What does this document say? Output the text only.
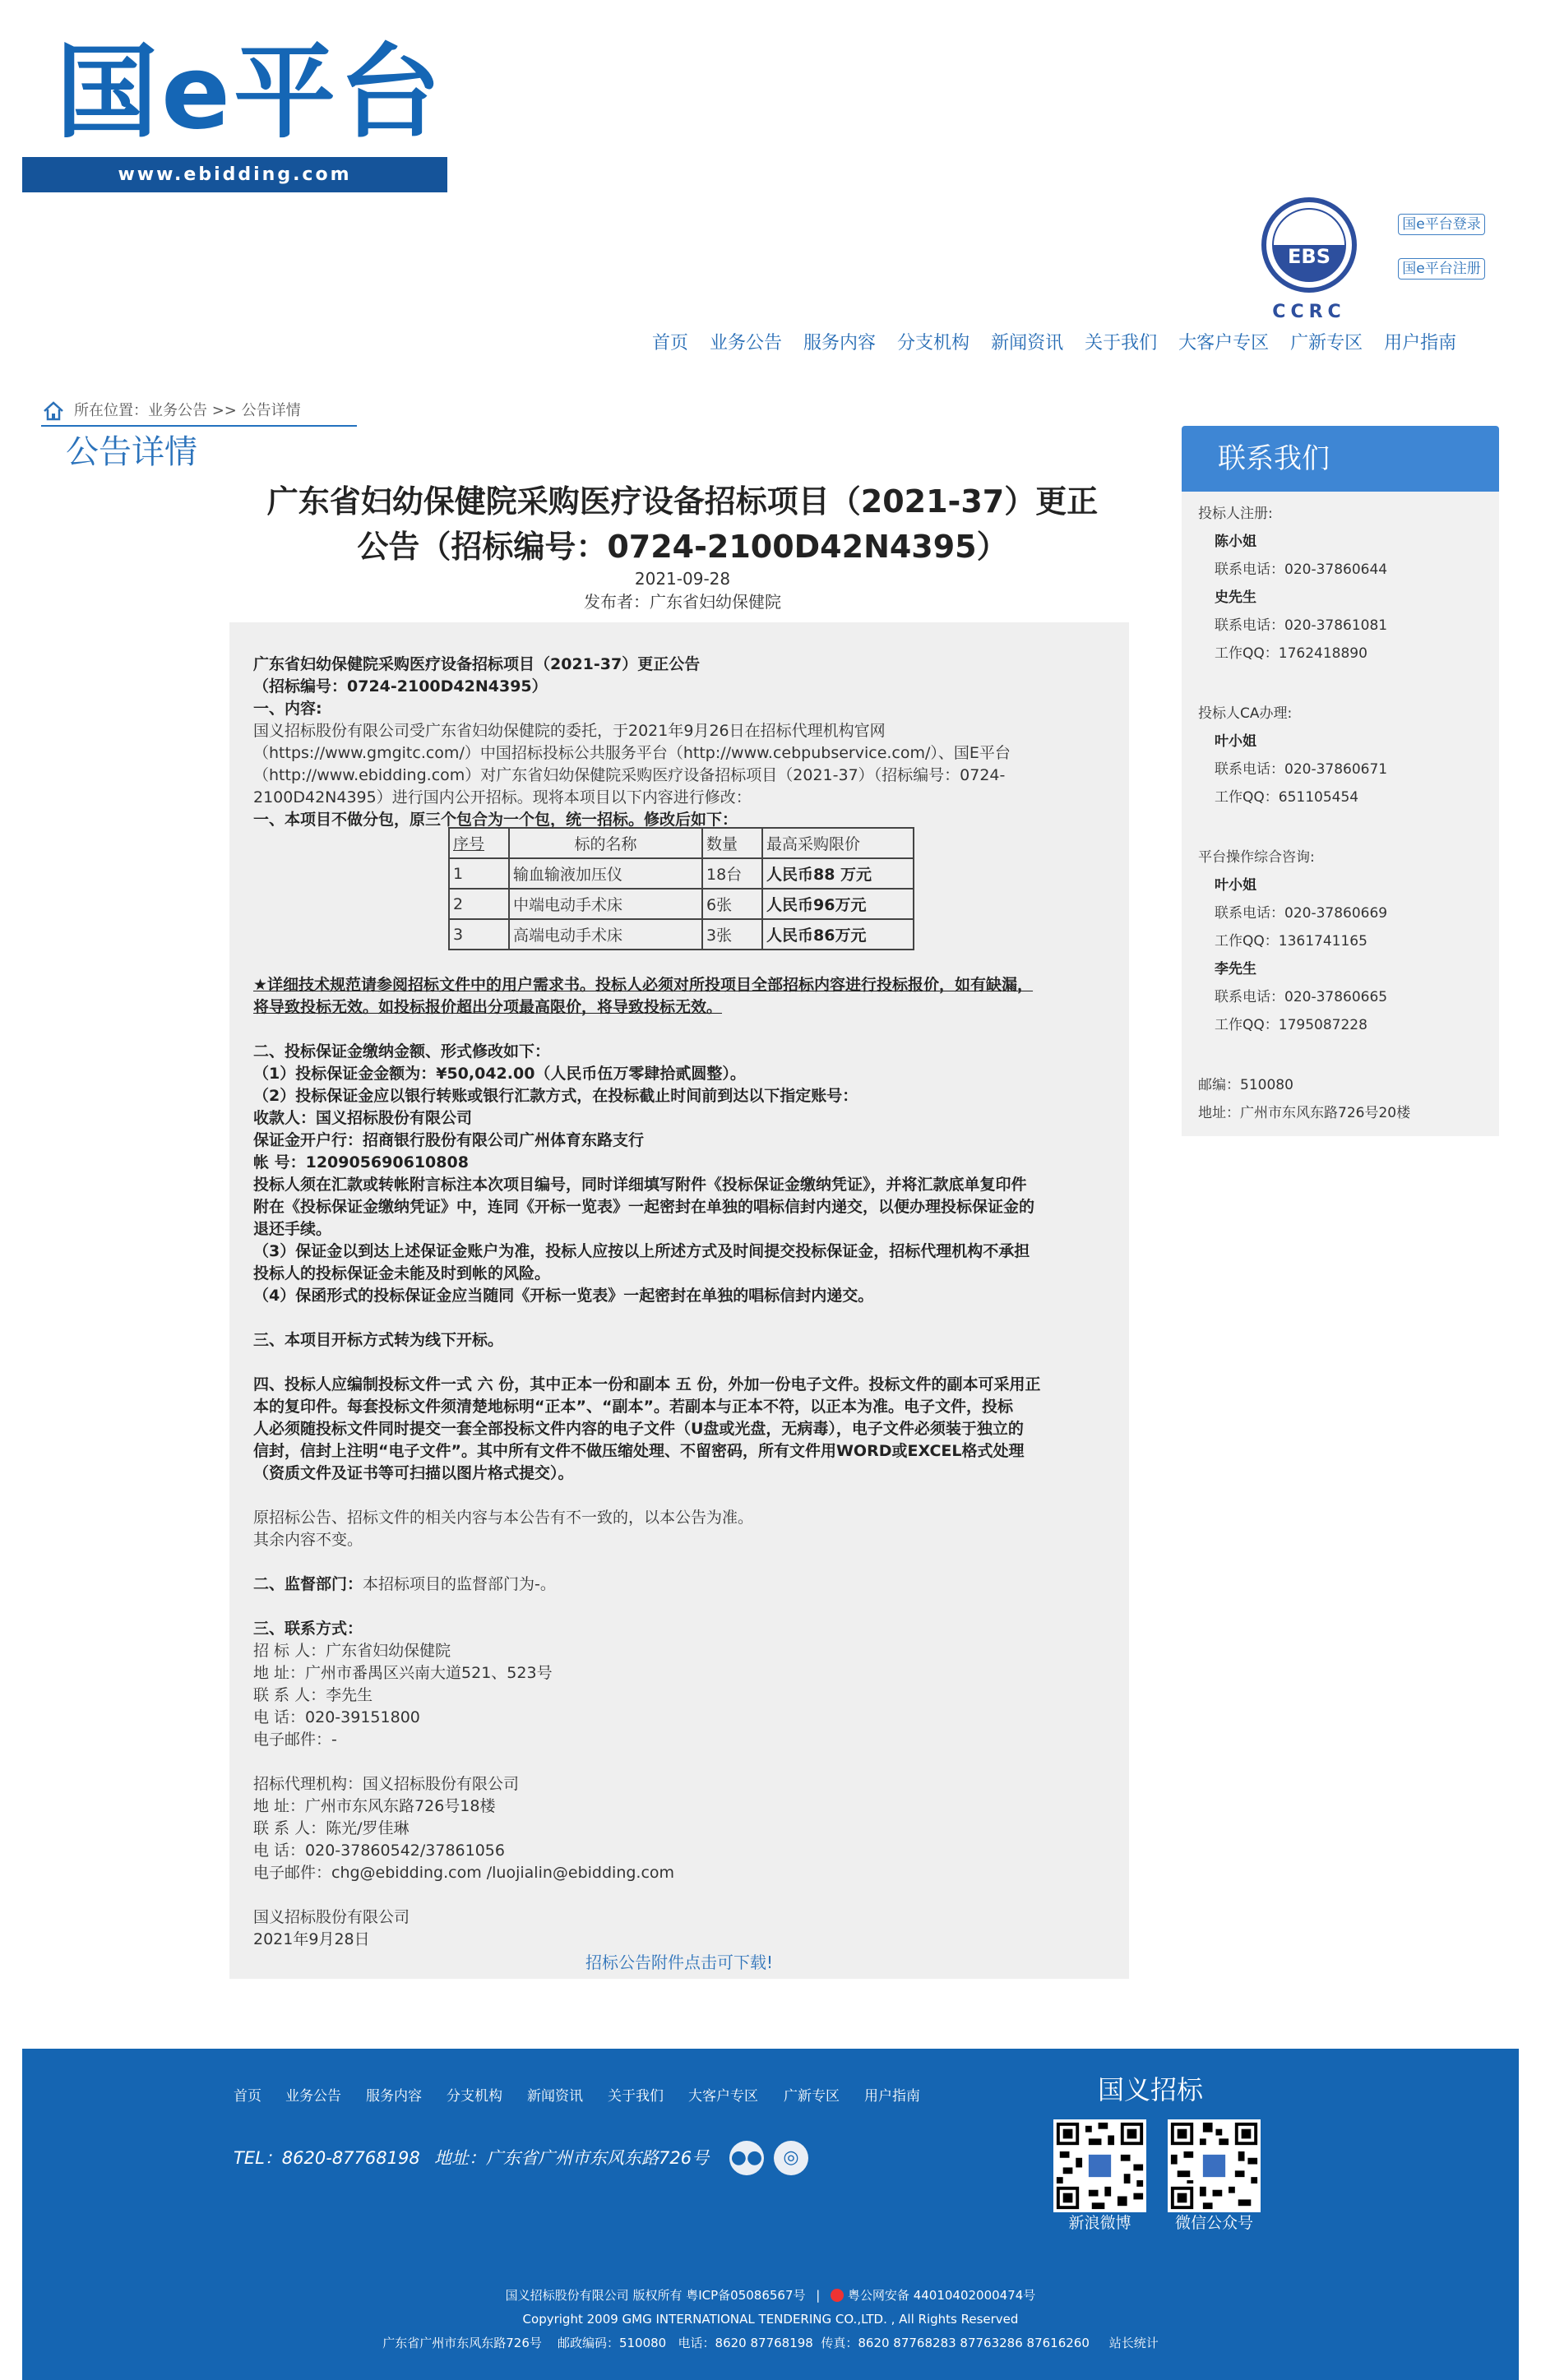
国e平台
www.ebidding.com
CCRC
EBS
国e平台登录
国e平台注册
首页	业务公告	服务内容	分支机构	新闻资讯	关于我们	大客户专区	广新专区	用户指南
所在位置：业务公告 >> 公告详情
公告详情
广东省妇幼保健院采购医疗设备招标项目（2021-37）更正
公告（招标编号：0724-2100D42N4395）
2021-09-28
发布者：广东省妇幼保健院
广东省妇幼保健院采购医疗设备招标项目（2021-37）更正公告
（招标编号：0724-2100D42N4395）
一、内容:
国义招标股份有限公司受广东省妇幼保健院的委托，于2021年9月26日在招标代理机构官网
（https://www.gmgitc.com/）中国招标投标公共服务平台（http://www.cebpubservice.com/）、国E平台
（http://www.ebidding.com）对广东省妇幼保健院采购医疗设备招标项目（2021-37）（招标编号：0724-
2100D42N4395）进行国内公开招标。现将本项目以下内容进行修改：
一、本项目不做分包，原三个包合为一个包，统一招标。修改后如下：
序号	标的名称	数量	最高采购限价
1	输血输液加压仪	18台	人民币88 万元
2	中端电动手术床	6张	人民币96万元
3	高端电动手术床	3张	人民币86万元
★详细技术规范请参阅招标文件中的用户需求书。投标人必须对所投项目全部招标内容进行投标报价，如有缺漏，
将导致投标无效。如投标报价超出分项最高限价，将导致投标无效。
二、投标保证金缴纳金额、形式修改如下：
（1）投标保证金金额为：¥50,042.00（人民币伍万零肆拾贰圆整）。
（2）投标保证金应以银行转账或银行汇款方式，在投标截止时间前到达以下指定账号：
收款人：国义招标股份有限公司
保证金开户行：招商银行股份有限公司广州体育东路支行
帐 号：120905690610808
投标人须在汇款或转帐附言标注本次项目编号，同时详细填写附件《投标保证金缴纳凭证》，并将汇款底单复印件
附在《投标保证金缴纳凭证》中，连同《开标一览表》一起密封在单独的唱标信封内递交，以便办理投标保证金的
退还手续。
（3）保证金以到达上述保证金账户为准，投标人应按以上所述方式及时间提交投标保证金，招标代理机构不承担
投标人的投标保证金未能及时到帐的风险。
（4）保函形式的投标保证金应当随同《开标一览表》一起密封在单独的唱标信封内递交。
三、本项目开标方式转为线下开标。
四、投标人应编制投标文件一式 六 份，其中正本一份和副本 五 份，外加一份电子文件。投标文件的副本可采用正
本的复印件。每套投标文件须清楚地标明“正本”、“副本”。若副本与正本不符，以正本为准。电子文件，投标
人必须随投标文件同时提交一套全部投标文件内容的电子文件（U盘或光盘，无病毒），电子文件必须装于独立的
信封，信封上注明“电子文件”。其中所有文件不做压缩处理、不留密码，所有文件用WORD或EXCEL格式处理
（资质文件及证书等可扫描以图片格式提交）。
原招标公告、招标文件的相关内容与本公告有不一致的，以本公告为准。
其余内容不变。
二、监督部门：本招标项目的监督部门为-。
三、联系方式：
招 标 人：广东省妇幼保健院
地 址：广州市番禺区兴南大道521、523号
联 系 人：李先生
电 话：020-39151800
电子邮件：-
招标代理机构：国义招标股份有限公司
地 址：广州市东风东路726号18楼
联 系 人：陈光/罗佳琳
电 话：020-37860542/37861056
电子邮件：chg@ebidding.com /luojialin@ebidding.com
国义招标股份有限公司
2021年9月28日
招标公告附件点击可下载!
联系我们
投标人注册:
陈小姐
联系电话：020-37860644
史先生
联系电话：020-37861081
工作QQ：1762418890
投标人CA办理:
叶小姐
联系电话：020-37860671
工作QQ：651105454
平台操作综合咨询:
叶小姐
联系电话：020-37860669
工作QQ：1361741165
李先生
联系电话：020-37860665
工作QQ：1795087228
邮编：510080
地址：广州市东风东路726号20楼
首页 业务公告 服务内容 分支机构 新闻资讯 关于我们 大客户专区 广新专区 用户指南	国义招标
TEL：8620-87768198 地址：广东省广州市东风东路726号 ●●	◎
新浪微博	微信公众号
国义招标股份有限公司 版权所有 粤ICP备05086567号 | 粤公网安备 44010402000474号
Copyright 2009 GMG INTERNATIONAL TENDERING CO.,LTD. , All Rights Reserved
广东省广州市东风东路726号    邮政编码：510080   电话：8620 87768198  传真：8620 87768283 87763286 87616260     站长统计
